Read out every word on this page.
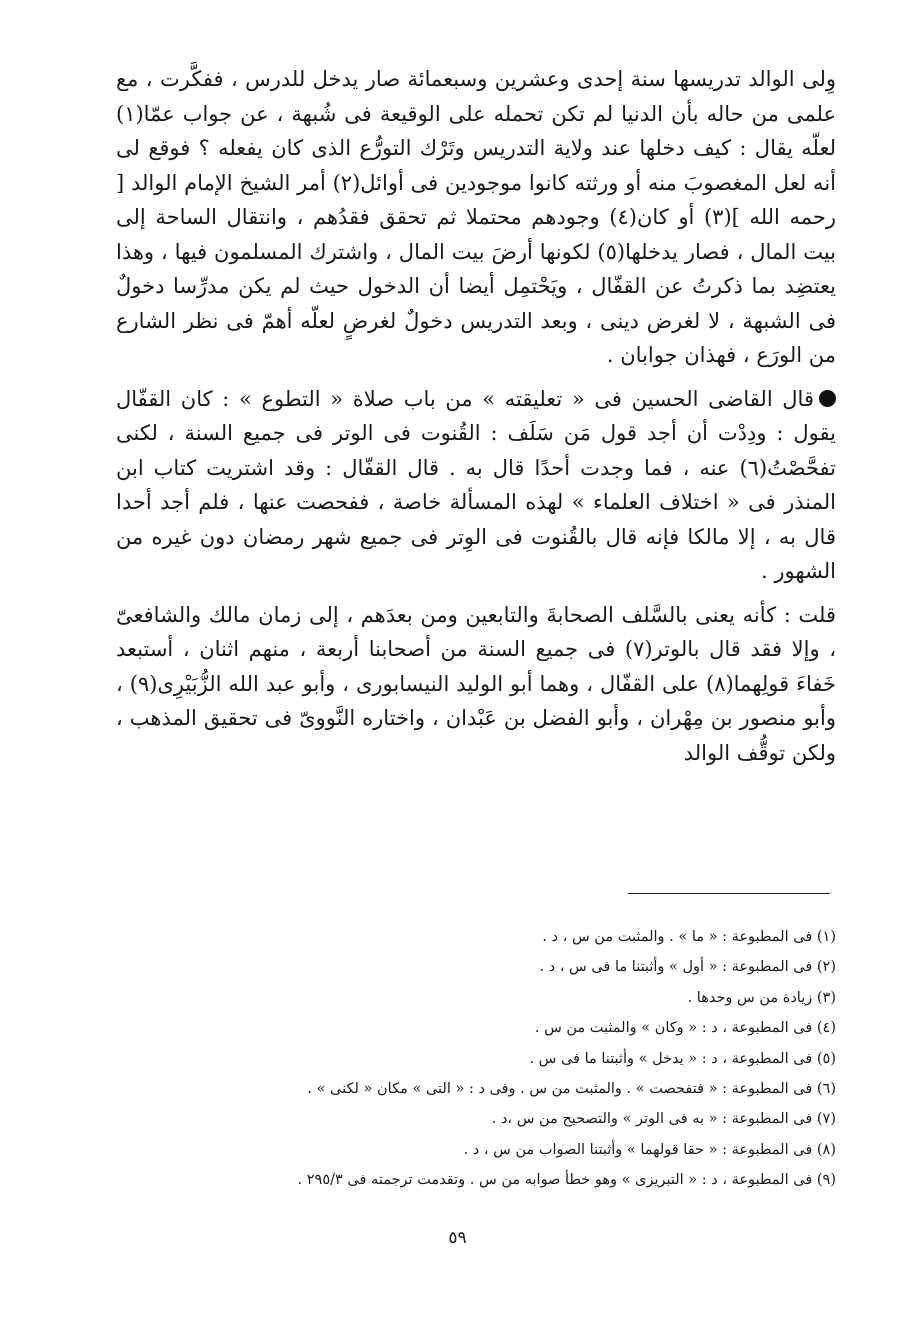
وِلى الوالد تدريسها سنة إحدى وعشرين وسبعمائة صار يدخل للدرس ، ففكَّرت ، مع علمى من حاله بأن الدنيا لم تكن تحمله على الوقيعة فى شُبهة ، عن جواب عمّا(١) لعلّه يقال : كيف دخلها عند ولاية التدريس وتَرْك التورُّع الذى كان يفعله ؟ فوقع لى أنه لعل المغصوبَ منه أو ورثته كانوا موجودين فى أوائل(٢) أمر الشيخ الإمام الوالد [ رحمه الله ](٣) أو كان(٤) وجودهم محتملا ثم تحقق فقدُهم ، وانتقال الساحة إلى بيت المال ، فصار يدخلها(٥) لكونها أرضَ بيت المال ، واشترك المسلمون فيها ، وهذا يعتضِد بما ذكرتُ عن القفّال ، ويَحْتمِل أيضا أن الدخول حيث لم يكن مدرِّسا دخولٌ فى الشبهة ، لا لغرض دينى ، وبعد التدريس دخولٌ لغرضٍ لعلّه أهمّ فى نظر الشارع من الورَع ، فهذان جوابان .

قال القاضى الحسين فى « تعليقته » من باب صلاة « التطوع » : كان القفّال يقول : ودِدْت أن أجد قول مَن سَلَف : القُنوت فى الوتر فى جميع السنة ، لكنى تفحَّصْتُ(٦) عنه ، فما وجدت أحدًا قال به . قال القفّال : وقد اشتريت كتاب ابن المنذر فى « اختلاف العلماء » لهذه المسألة خاصة ، ففحصت عنها ، فلم أجد أحدا قال به ، إلا مالكا فإنه قال بالقُنوت فى الوِتر فى جميع شهر رمضان دون غيره من الشهور .

قلت : كأنه يعنى بالسَّلف الصحابةَ والتابعين ومن بعدَهم ، إلى زمان مالك والشافعىّ ، وإلا فقد قال بالوتر(٧) فى جميع السنة من أصحابنا أربعة ، منهم اثنان ، أستبعد خَفاءَ قولِهما(٨) على القفّال ، وهما أبو الوليد النيسابورى ، وأبو عبد الله الزُّبَيْرِى(٩) ، وأبو منصور بن مِهْران ، وأبو الفضل بن عَبْدان ، واختاره النَّووىّ فى تحقيق المذهب ، ولكن توقُّف الوالد

(١) فى المطبوعة : « ما » . والمثبت من س ، د .
(٢) فى المطبوعة : « أول » وأثبتنا ما فى س ، د .
(٣) زيادة من س وحدها .
(٤) فى المطبوعة ، د : « وكان » والمثبت من س .
(٥) فى المطبوعة ، د : « يدخل » وأثبتنا ما فى س .
(٦) فى المطبوعة : « فتفحصت » . والمثبت من س . وفى د : « التى » مكان « لكنى » .
(٧) فى المطبوعة : « به فى الوتر » والتصحيح من س ،د .
(٨) فى المطبوعة : « حقا قولهما » وأثبتنا الصواب من س ، د .
(٩) فى المطبوعة ، د : « التبريزى » وهو خطأ صوابه من س . وتقدمت ترجمته فى ٢٩٥/٣ .
٥٩
